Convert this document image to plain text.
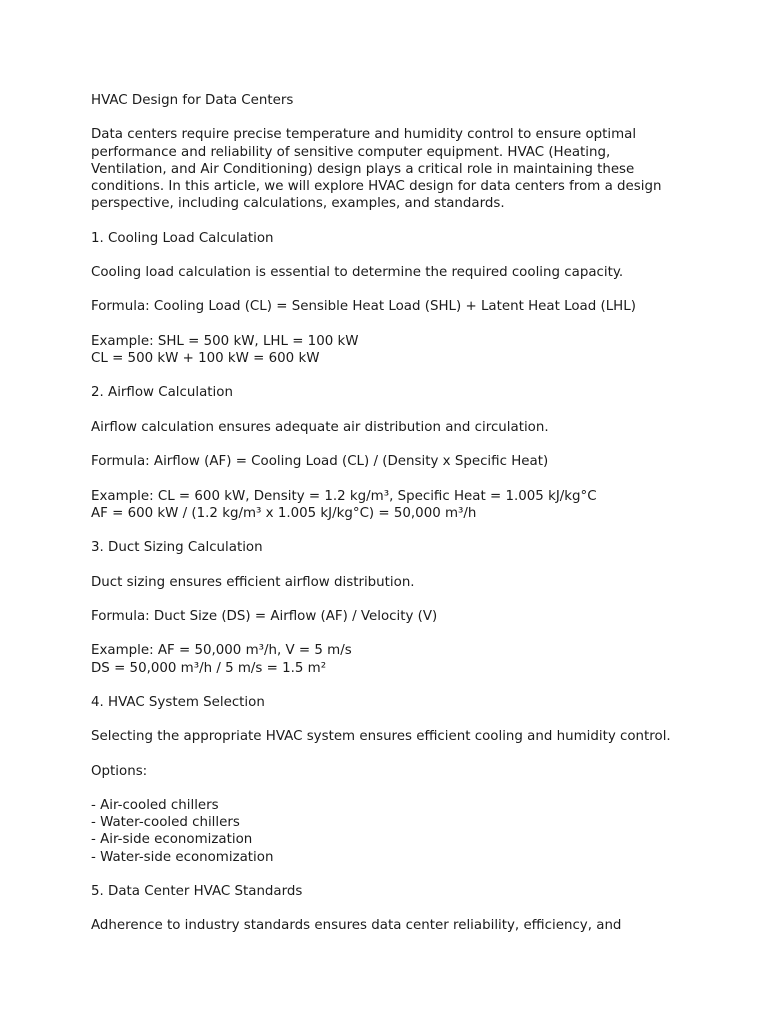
HVAC Design for Data Centers
Data centers require precise temperature and humidity control to ensure optimal
performance and reliability of sensitive computer equipment. HVAC (Heating,
Ventilation, and Air Conditioning) design plays a critical role in maintaining these
conditions. In this article, we will explore HVAC design for data centers from a design
perspective, including calculations, examples, and standards.
1. Cooling Load Calculation
Cooling load calculation is essential to determine the required cooling capacity.
Formula: Cooling Load (CL) = Sensible Heat Load (SHL) + Latent Heat Load (LHL)
Example: SHL = 500 kW, LHL = 100 kW
CL = 500 kW + 100 kW = 600 kW
2. Airflow Calculation
Airflow calculation ensures adequate air distribution and circulation.
Formula: Airflow (AF) = Cooling Load (CL) / (Density x Specific Heat)
Example: CL = 600 kW, Density = 1.2 kg/m³, Specific Heat = 1.005 kJ/kg°C
AF = 600 kW / (1.2 kg/m³ x 1.005 kJ/kg°C) = 50,000 m³/h
3. Duct Sizing Calculation
Duct sizing ensures efficient airflow distribution.
Formula: Duct Size (DS) = Airflow (AF) / Velocity (V)
Example: AF = 50,000 m³/h, V = 5 m/s
DS = 50,000 m³/h / 5 m/s = 1.5 m²
4. HVAC System Selection
Selecting the appropriate HVAC system ensures efficient cooling and humidity control.
Options:
- Air-cooled chillers
- Water-cooled chillers
- Air-side economization
- Water-side economization
5. Data Center HVAC Standards
Adherence to industry standards ensures data center reliability, efficiency, and
